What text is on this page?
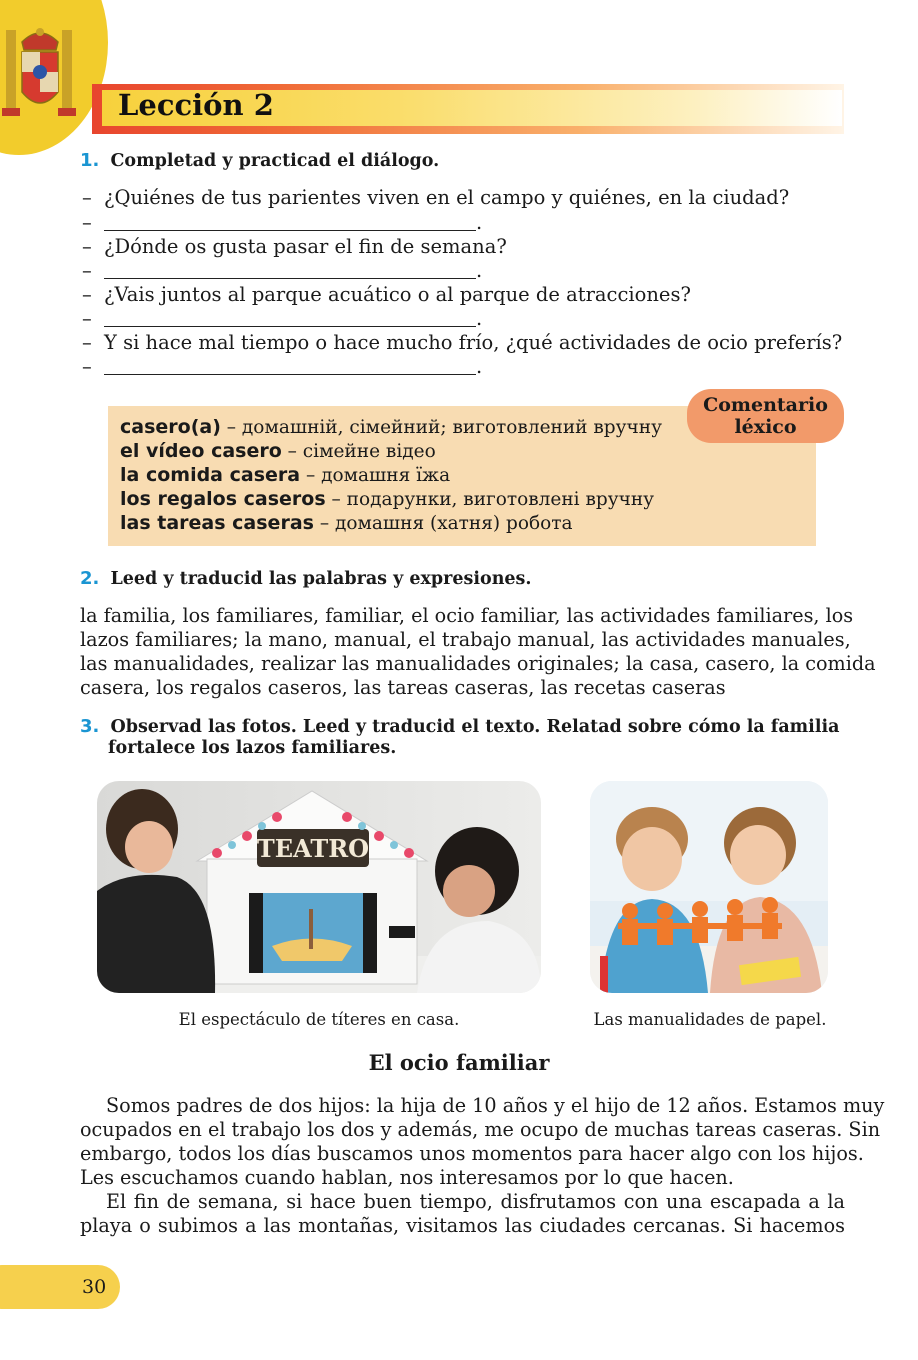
Lección 2
1. Completad y practicad el diálogo.
– ¿Quiénes de tus parientes viven en el campo y quiénes, en la ciudad?
–	.
– ¿Dónde os gusta pasar el fin de semana?
–	.
– ¿Vais juntos al parque acuático o al parque de atracciones?
–	.
– Y si hace mal tiempo o hace mucho frío, ¿qué actividades de ocio preferís?
–	.
Comentario
léxico
casero(a) – домашній, сімейний; виготовлений вручну
el vídeo casero – сімейне відео
la comida casera – домашня їжа
los regalos caseros – подарунки, виготовлені вручну
las tareas caseras – домашня (хатня) робота
2. Leed y traducid las palabras y expresiones.
la familia, los familiares, familiar, el ocio familiar, las actividades familiares, los
lazos familiares; la mano, manual, el trabajo manual, las actividades manuales,
las manualidades, realizar las manualidades originales; la casa, casero, la comida
casera, los regalos caseros, las tareas caseras, las recetas caseras
3. Observad las fotos. Leed y traducid el texto. Relatad sobre cómo la familia
fortalece los lazos familiares.
TEATRO
El espectáculo de títeres en casa.	Las manualidades de papel.
El ocio familiar
Somos padres de dos hijos: la hija de 10 años y el hijo de 12 años. Estamos muy
ocupados en el trabajo los dos y además, me ocupo de muchas tareas caseras. Sin
embargo, todos los días buscamos unos momentos para hacer algo con los hijos.
Les escuchamos cuando hablan, nos interesamos por lo que hacen.
El fin de semana, si hace buen tiempo, disfrutamos con una escapada a la
playa o subimos a las montañas, visitamos las ciudades cercanas. Si hacemos
30
